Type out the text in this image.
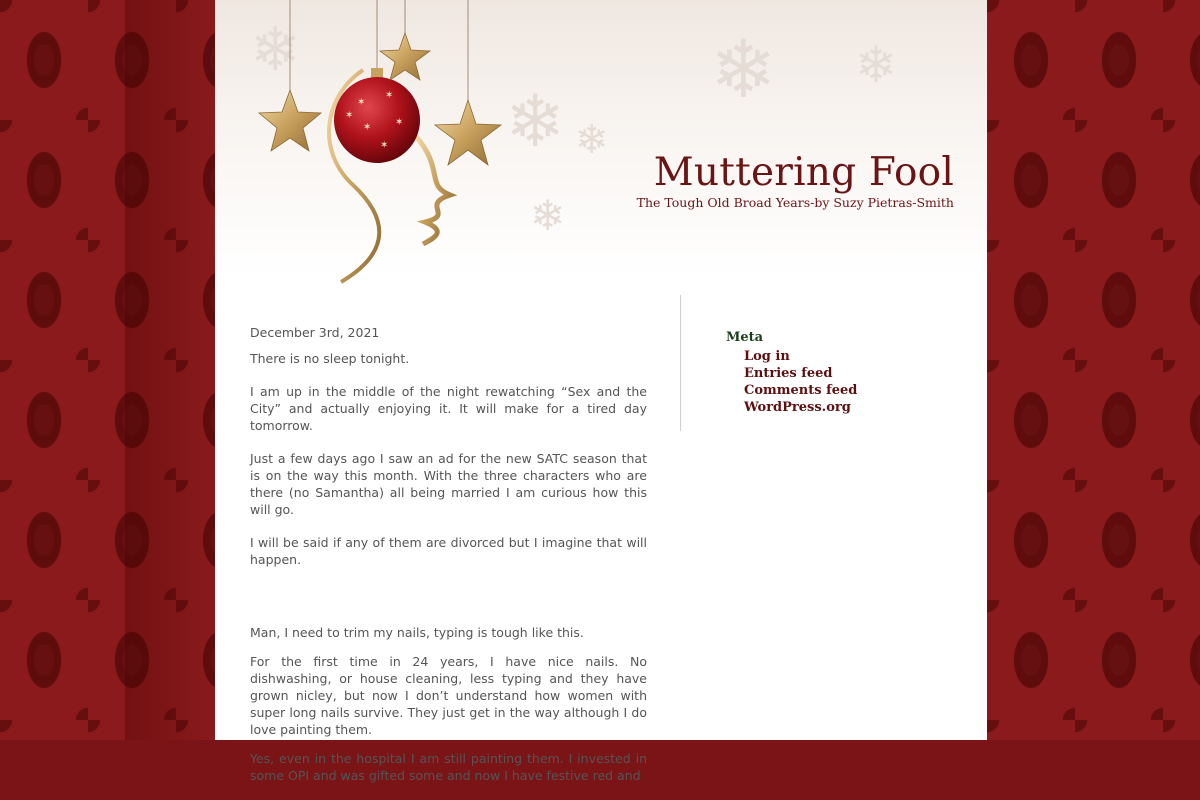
❄
❄ ❄
❄ ❄
❄
✶
✶
✶
✶
✶
✶
Muttering Fool
The Tough Old Broad Years-by Suzy Pietras-Smith
December 3rd, 2021

There is no sleep tonight.

I am up in the middle of the night rewatching “Sex and the City” and actually enjoying it. It will make for a tired day tomorrow.

Just a few days ago I saw an ad for the new SATC season that is on the way this month. With the three characters who are there (no Samantha) all being married I am curious how this will go.

I will be said if any of them are divorced but I imagine that will happen.

Man, I need to trim my nails, typing is tough like this.

For the first time in 24 years, I have nice nails. No dishwashing, or house cleaning, less typing and they have grown nicley, but now I don’t understand how women with super long nails survive. They just get in the way although I do love painting them.

Yes, even in the hospital I am still painting them. I invested in some OPI and was gifted some and now I have festive red and

Meta
Log in
Entries feed
Comments feed
WordPress.org
